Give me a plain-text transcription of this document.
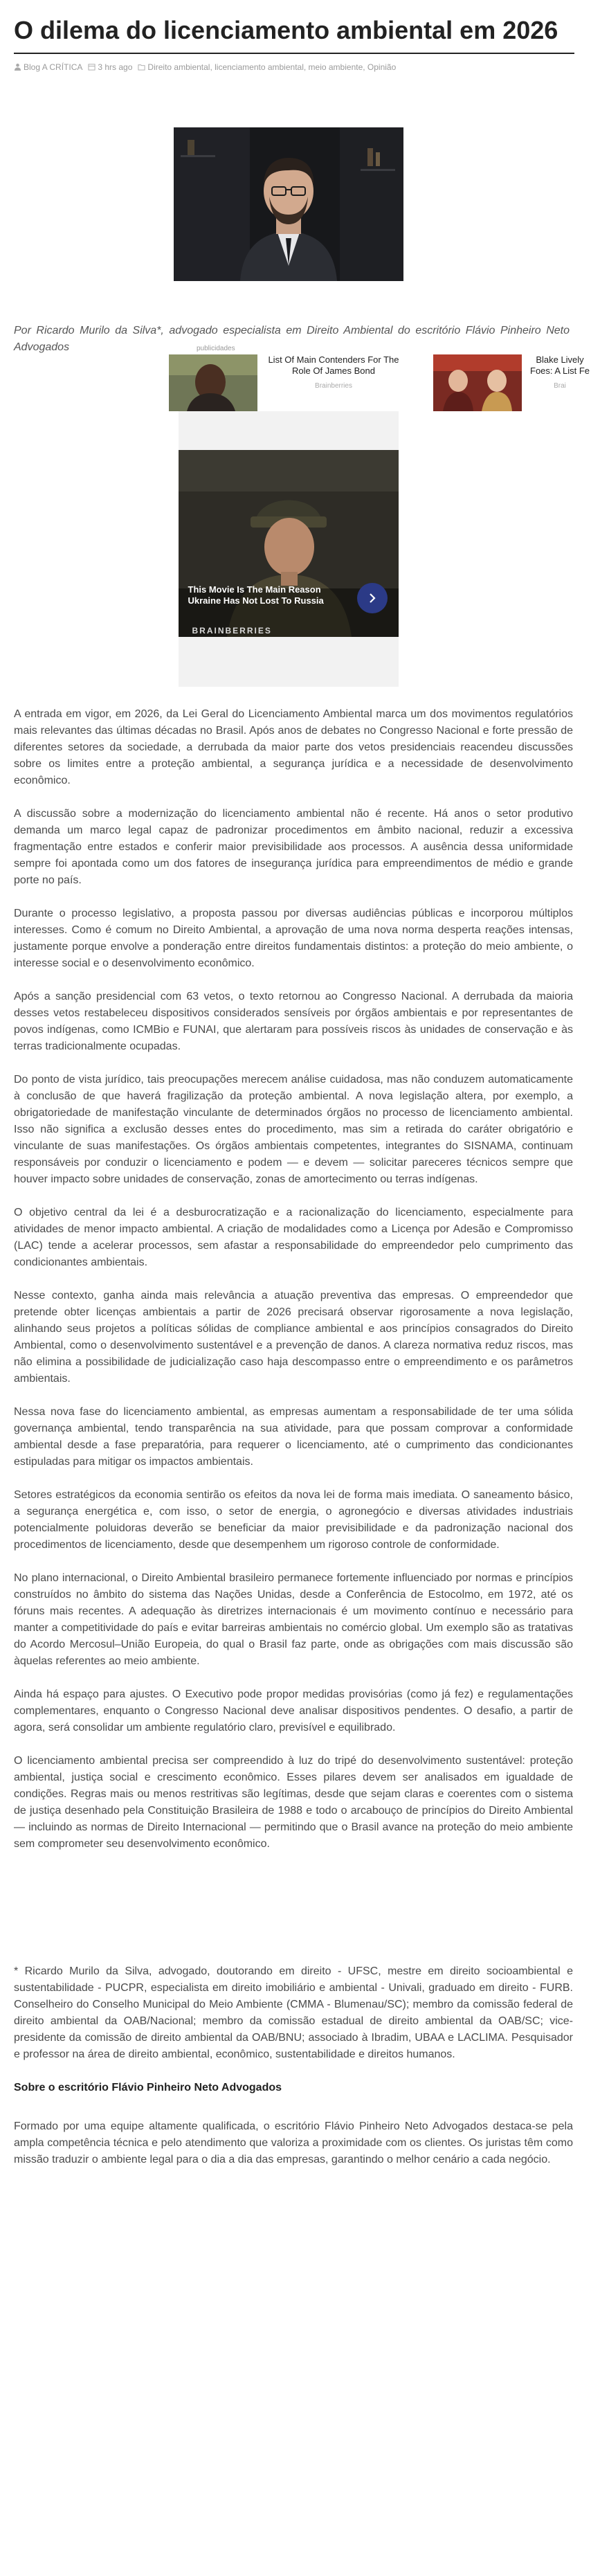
O dilema do licenciamento ambiental em 2026
Blog A CRÍTICA	3 hrs ago	Direito ambiental, licenciamento ambiental, meio ambiente, Opinião

Por Ricardo Murilo da Silva*, advogado especialista em Direito Ambiental do escritório Flávio Pinheiro Neto Advogados	publicidades
List Of Main Contenders For The Role Of James Bond
Brainberries
Blake Lively Foes: A List Fe
Brai
This Movie Is The Main Reason Ukraine Has Not Lost To Russia
BRAINBERRIES

A entrada em vigor, em 2026, da Lei Geral do Licenciamento Ambiental marca um dos movimentos regulatórios mais relevantes das últimas décadas no Brasil. Após anos de debates no Congresso Nacional e forte pressão de diferentes setores da sociedade, a derrubada da maior parte dos vetos presidenciais reacendeu discussões sobre os limites entre a proteção ambiental, a segurança jurídica e a necessidade de desenvolvimento econômico.

A discussão sobre a modernização do licenciamento ambiental não é recente. Há anos o setor produtivo demanda um marco legal capaz de padronizar procedimentos em âmbito nacional, reduzir a excessiva fragmentação entre estados e conferir maior previsibilidade aos processos. A ausência dessa uniformidade sempre foi apontada como um dos fatores de insegurança jurídica para empreendimentos de médio e grande porte no país.

Durante o processo legislativo, a proposta passou por diversas audiências públicas e incorporou múltiplos interesses. Como é comum no Direito Ambiental, a aprovação de uma nova norma desperta reações intensas, justamente porque envolve a ponderação entre direitos fundamentais distintos: a proteção do meio ambiente, o interesse social e o desenvolvimento econômico.

Após a sanção presidencial com 63 vetos, o texto retornou ao Congresso Nacional. A derrubada da maioria desses vetos restabeleceu dispositivos considerados sensíveis por órgãos ambientais e por representantes de povos indígenas, como ICMBio e FUNAI, que alertaram para possíveis riscos às unidades de conservação e às terras tradicionalmente ocupadas.

Do ponto de vista jurídico, tais preocupações merecem análise cuidadosa, mas não conduzem automaticamente à conclusão de que haverá fragilização da proteção ambiental. A nova legislação altera, por exemplo, a obrigatoriedade de manifestação vinculante de determinados órgãos no processo de licenciamento ambiental. Isso não significa a exclusão desses entes do procedimento, mas sim a retirada do caráter obrigatório e vinculante de suas manifestações. Os órgãos ambientais competentes, integrantes do SISNAMA, continuam responsáveis por conduzir o licenciamento e podem — e devem — solicitar pareceres técnicos sempre que houver impacto sobre unidades de conservação, zonas de amortecimento ou terras indígenas.

O objetivo central da lei é a desburocratização e a racionalização do licenciamento, especialmente para atividades de menor impacto ambiental. A criação de modalidades como a Licença por Adesão e Compromisso (LAC) tende a acelerar processos, sem afastar a responsabilidade do empreendedor pelo cumprimento das condicionantes ambientais.

Nesse contexto, ganha ainda mais relevância a atuação preventiva das empresas. O empreendedor que pretende obter licenças ambientais a partir de 2026 precisará observar rigorosamente a nova legislação, alinhando seus projetos a políticas sólidas de compliance ambiental e aos princípios consagrados do Direito Ambiental, como o desenvolvimento sustentável e a prevenção de danos. A clareza normativa reduz riscos, mas não elimina a possibilidade de judicialização caso haja descompasso entre o empreendimento e os parâmetros ambientais.

Nessa nova fase do licenciamento ambiental, as empresas aumentam a responsabilidade de ter uma sólida governança ambiental, tendo transparência na sua atividade, para que possam comprovar a conformidade ambiental desde a fase preparatória, para requerer o licenciamento, até o cumprimento das condicionantes estipuladas para mitigar os impactos ambientais.

Setores estratégicos da economia sentirão os efeitos da nova lei de forma mais imediata. O saneamento básico, a segurança energética e, com isso, o setor de energia, o agronegócio e diversas atividades industriais potencialmente poluidoras deverão se beneficiar da maior previsibilidade e da padronização nacional dos procedimentos de licenciamento, desde que desempenhem um rigoroso controle de conformidade.

No plano internacional, o Direito Ambiental brasileiro permanece fortemente influenciado por normas e princípios construídos no âmbito do sistema das Nações Unidas, desde a Conferência de Estocolmo, em 1972, até os fóruns mais recentes. A adequação às diretrizes internacionais é um movimento contínuo e necessário para manter a competitividade do país e evitar barreiras ambientais no comércio global. Um exemplo são as tratativas do Acordo Mercosul–União Europeia, do qual o Brasil faz parte, onde as obrigações com mais discussão são àquelas referentes ao meio ambiente.

Ainda há espaço para ajustes. O Executivo pode propor medidas provisórias (como já fez) e regulamentações complementares, enquanto o Congresso Nacional deve analisar dispositivos pendentes. O desafio, a partir de agora, será consolidar um ambiente regulatório claro, previsível e equilibrado.

O licenciamento ambiental precisa ser compreendido à luz do tripé do desenvolvimento sustentável: proteção ambiental, justiça social e crescimento econômico. Esses pilares devem ser analisados em igualdade de condições. Regras mais ou menos restritivas são legítimas, desde que sejam claras e coerentes com o sistema de justiça desenhado pela Constituição Brasileira de 1988 e todo o arcabouço de princípios do Direito Ambiental — incluindo as normas de Direito Internacional — permitindo que o Brasil avance na proteção do meio ambiente sem comprometer seu desenvolvimento econômico.

* Ricardo Murilo da Silva, advogado, doutorando em direito - UFSC, mestre em direito socioambiental e sustentabilidade - PUCPR, especialista em direito imobiliário e ambiental - Univali, graduado em direito - FURB. Conselheiro do Conselho Municipal do Meio Ambiente (CMMA - Blumenau/SC); membro da comissão federal de direito ambiental da OAB/Nacional; membro da comissão estadual de direito ambiental da OAB/SC; vice-presidente da comissão de direito ambiental da OAB/BNU; associado à Ibradim, UBAA e LACLIMA. Pesquisador e professor na área de direito ambiental, econômico, sustentabilidade e direitos humanos.

Sobre o escritório Flávio Pinheiro Neto Advogados

Formado por uma equipe altamente qualificada, o escritório Flávio Pinheiro Neto Advogados destaca-se pela ampla competência técnica e pelo atendimento que valoriza a proximidade com os clientes. Os juristas têm como missão traduzir o ambiente legal para o dia a dia das empresas, garantindo o melhor cenário a cada negócio.
